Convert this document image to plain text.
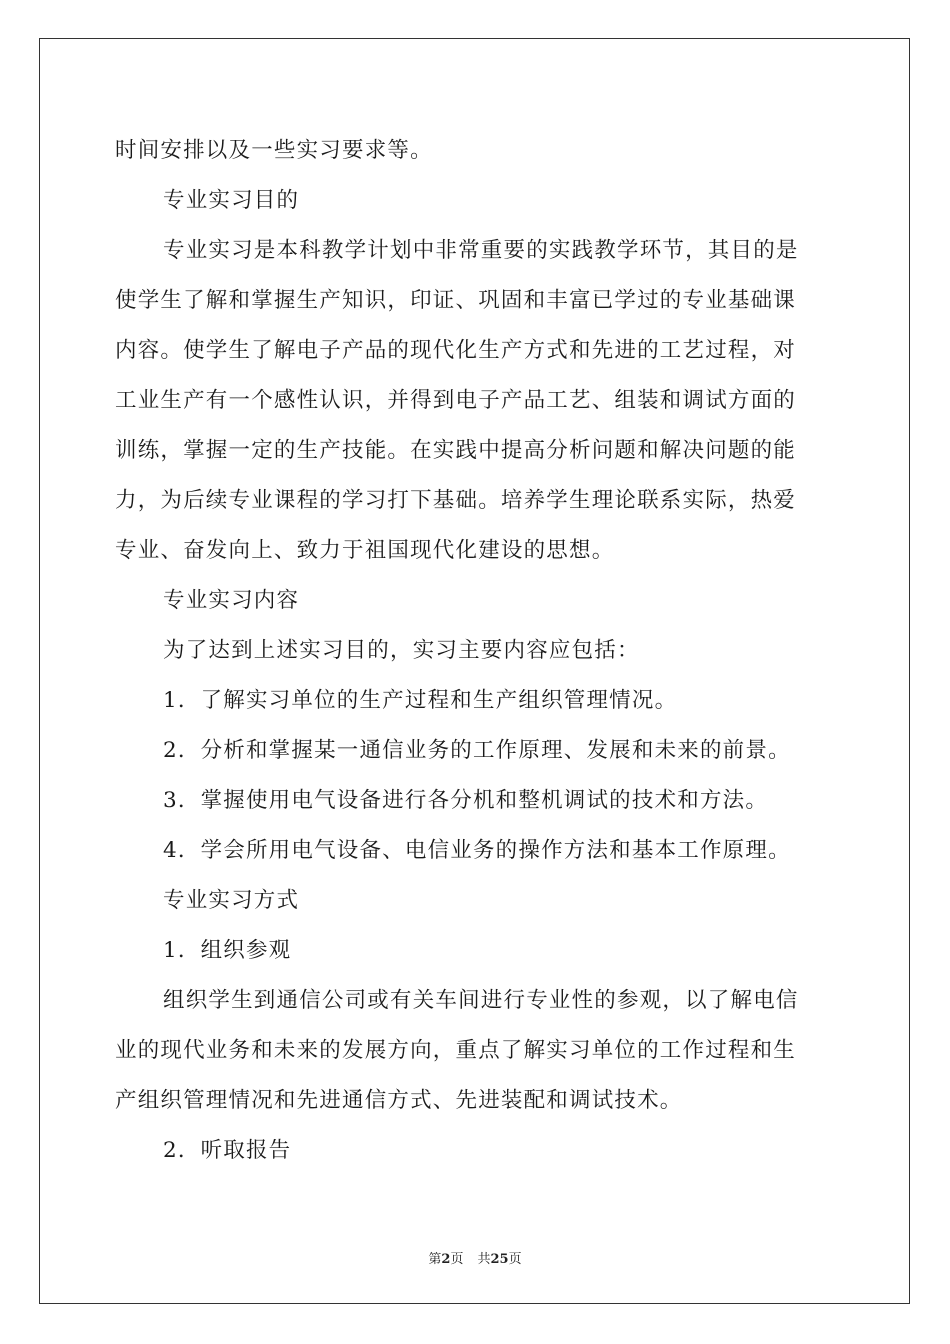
时间安排以及一些实习要求等。
专业实习目的
专业实习是本科教学计划中非常重要的实践教学环节，其目的是
使学生了解和掌握生产知识，印证、巩固和丰富已学过的专业基础课
内容。使学生了解电子产品的现代化生产方式和先进的工艺过程，对
工业生产有一个感性认识，并得到电子产品工艺、组装和调试方面的
训练，掌握一定的生产技能。在实践中提高分析问题和解决问题的能
力，为后续专业课程的学习打下基础。培养学生理论联系实际，热爱
专业、奋发向上、致力于祖国现代化建设的思想。
专业实习内容
为了达到上述实习目的，实习主要内容应包括：
1．了解实习单位的生产过程和生产组织管理情况。
2．分析和掌握某一通信业务的工作原理、发展和未来的前景。
3．掌握使用电气设备进行各分机和整机调试的技术和方法。
4．学会所用电气设备、电信业务的操作方法和基本工作原理。
专业实习方式
1．组织参观
组织学生到通信公司或有关车间进行专业性的参观，以了解电信
业的现代业务和未来的发展方向，重点了解实习单位的工作过程和生
产组织管理情况和先进通信方式、先进装配和调试技术。
2．听取报告
第2页 共25页
